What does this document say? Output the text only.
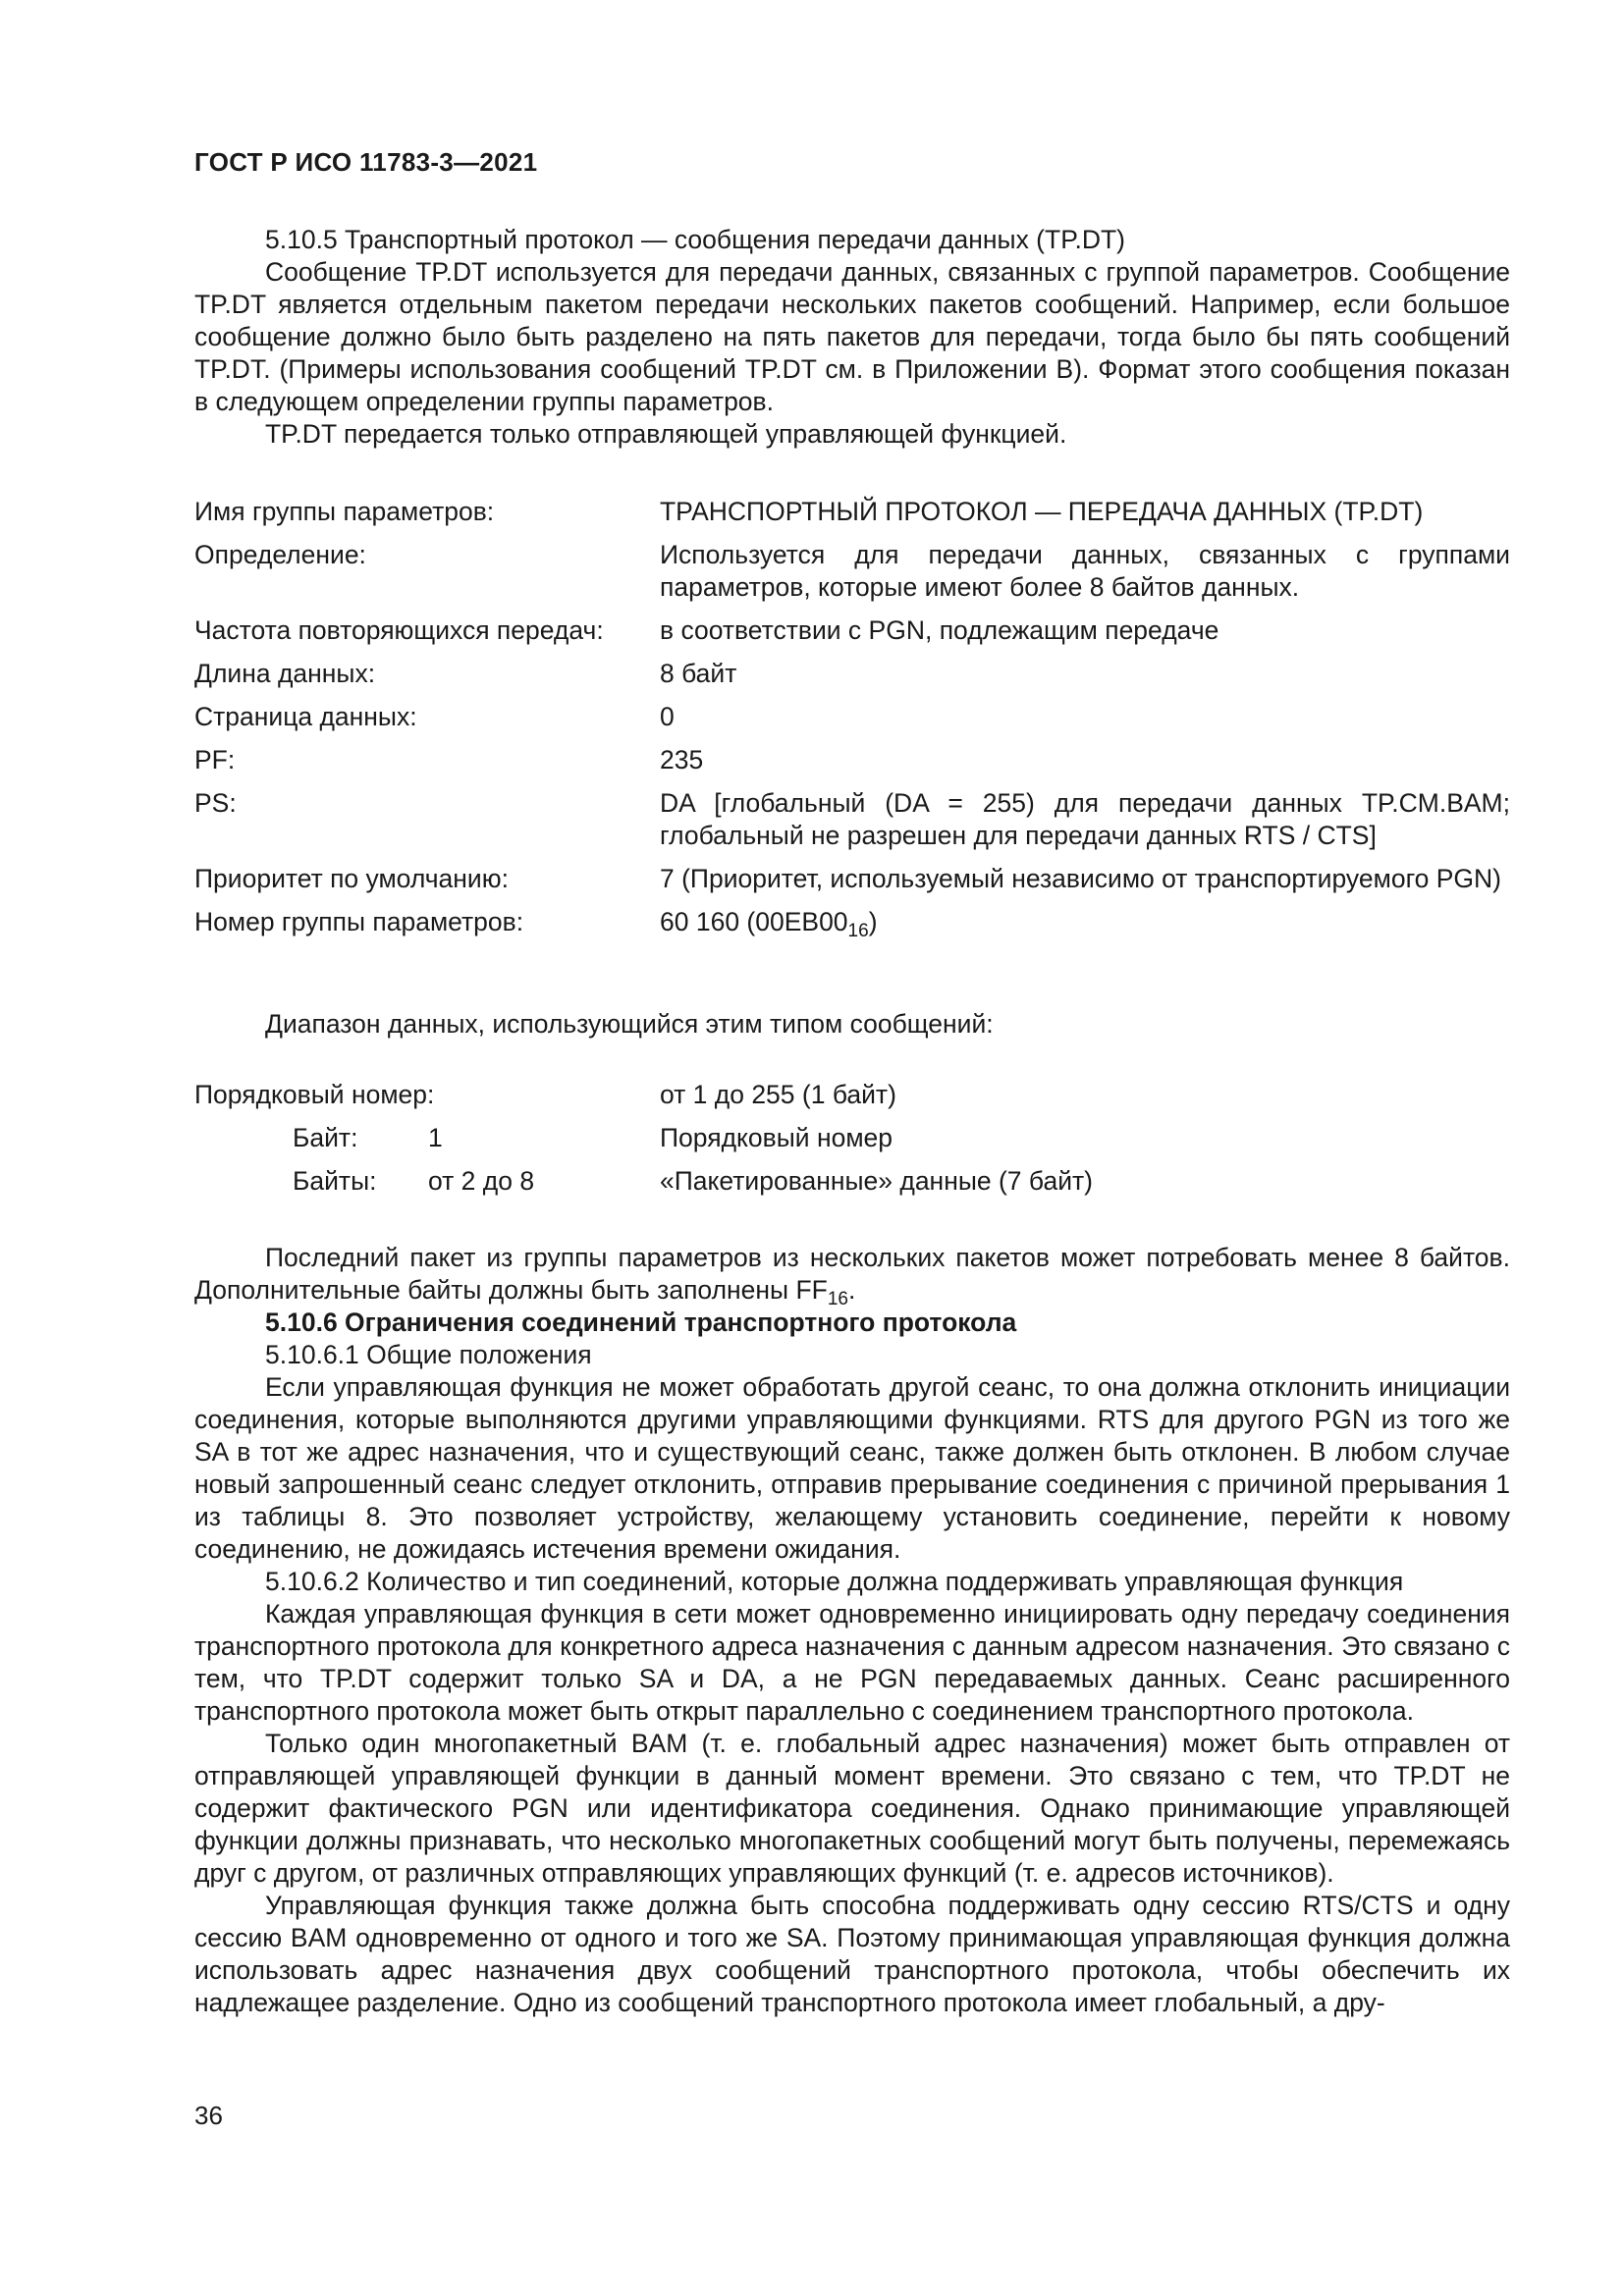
ГОСТ Р ИСО 11783-3—2021

5.10.5 Транспортный протокол — сообщения передачи данных (TP.DT)

Сообщение TP.DT используется для передачи данных, связанных с группой параметров. Сообщение TP.DT является отдельным пакетом передачи нескольких пакетов сообщений. Например, если большое сообщение должно было быть разделено на пять пакетов для передачи, тогда было бы пять сообщений TP.DT. (Примеры использования сообщений TP.DT см. в Приложении В). Формат этого сообщения показан в следующем определении группы параметров.

TP.DT передается только отправляющей управляющей функцией.

Имя группы параметров:	ТРАНСПОРТНЫЙ ПРОТОКОЛ — ПЕРЕДАЧА ДАННЫХ (TP.DT)
Определение:	Используется для передачи данных, связанных с группами параметров, которые имеют более 8 байтов данных.
Частота повторяющихся передач:	в соответствии с PGN, подлежащим передаче
Длина данных:	8 байт
Страница данных:	0
PF:	235
PS:	DA [глобальный (DA = 255) для передачи данных TP.CM.BAM; глобальный не разрешен для передачи данных RTS / CTS]
Приоритет по умолчанию:	7 (Приоритет, используемый независимо от транспортируемого PGN)
Номер группы параметров:	60 160 $(00EB00_{16})$

Диапазон данных, использующийся этим типом сообщений:

Порядковый номер:	от 1 до 255 (1 байт)
Байт:	1	Порядковый номер
Байты: от 2 до 8	«Пакетированные» данные (7 байт)

Последний пакет из группы параметров из нескольких пакетов может потребовать менее 8 байтов. Дополнительные байты должны быть заполнены $FF_{16}$.

5.10.6 Ограничения соединений транспортного протокола

5.10.6.1 Общие положения

Если управляющая функция не может обработать другой сеанс, то она должна отклонить инициации соединения, которые выполняются другими управляющими функциями. RTS для другого PGN из того же SA в тот же адрес назначения, что и существующий сеанс, также должен быть отклонен. В любом случае новый запрошенный сеанс следует отклонить, отправив прерывание соединения с причиной прерывания 1 из таблицы 8. Это позволяет устройству, желающему установить соединение, перейти к новому соединению, не дожидаясь истечения времени ожидания.

5.10.6.2 Количество и тип соединений, которые должна поддерживать управляющая функция

Каждая управляющая функция в сети может одновременно инициировать одну передачу соединения транспортного протокола для конкретного адреса назначения с данным адресом назначения. Это связано с тем, что TP.DT содержит только SA и DA, а не PGN передаваемых данных. Сеанс расширенного транспортного протокола может быть открыт параллельно с соединением транспортного протокола.

Только один многопакетный BAM (т. е. глобальный адрес назначения) может быть отправлен от отправляющей управляющей функции в данный момент времени. Это связано с тем, что TP.DT не содержит фактического PGN или идентификатора соединения. Однако принимающие управляющей функции должны признавать, что несколько многопакетных сообщений могут быть получены, перемежаясь друг с другом, от различных отправляющих управляющих функций (т. е. адресов источников).

Управляющая функция также должна быть способна поддерживать одну сессию RTS/CTS и одну сессию BAM одновременно от одного и того же SA. Поэтому принимающая управляющая функция должна использовать адрес назначения двух сообщений транспортного протокола, чтобы обеспечить их надлежащее разделение. Одно из сообщений транспортного протокола имеет глобальный, а дру-

36
